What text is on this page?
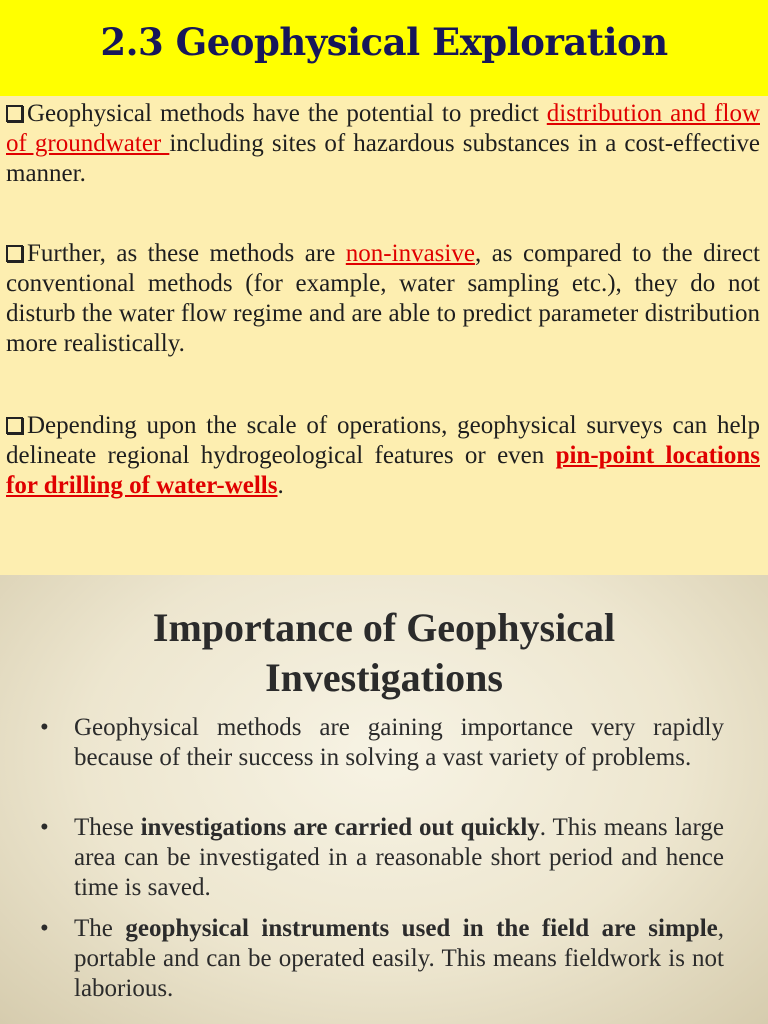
2.3 Geophysical Exploration
Geophysical methods have the potential to predict distribution and flow of groundwater including sites of hazardous substances in a cost-effective manner.
Further, as these methods are non-invasive, as compared to the direct conventional methods (for example, water sampling etc.), they do not disturb the water flow regime and are able to predict parameter distribution more realistically.
Depending upon the scale of operations, geophysical surveys can help delineate regional hydrogeological features or even pin-point locations for drilling of water-wells.
Importance of Geophysical
Investigations
•	Geophysical methods are gaining importance very rapidly because of their success in solving a vast variety of problems.
•	These investigations are carried out quickly. This means large area can be investigated in a reasonable short period and hence time is saved.
•	The geophysical instruments used in the field are simple, portable and can be operated easily. This means fieldwork is not laborious.
